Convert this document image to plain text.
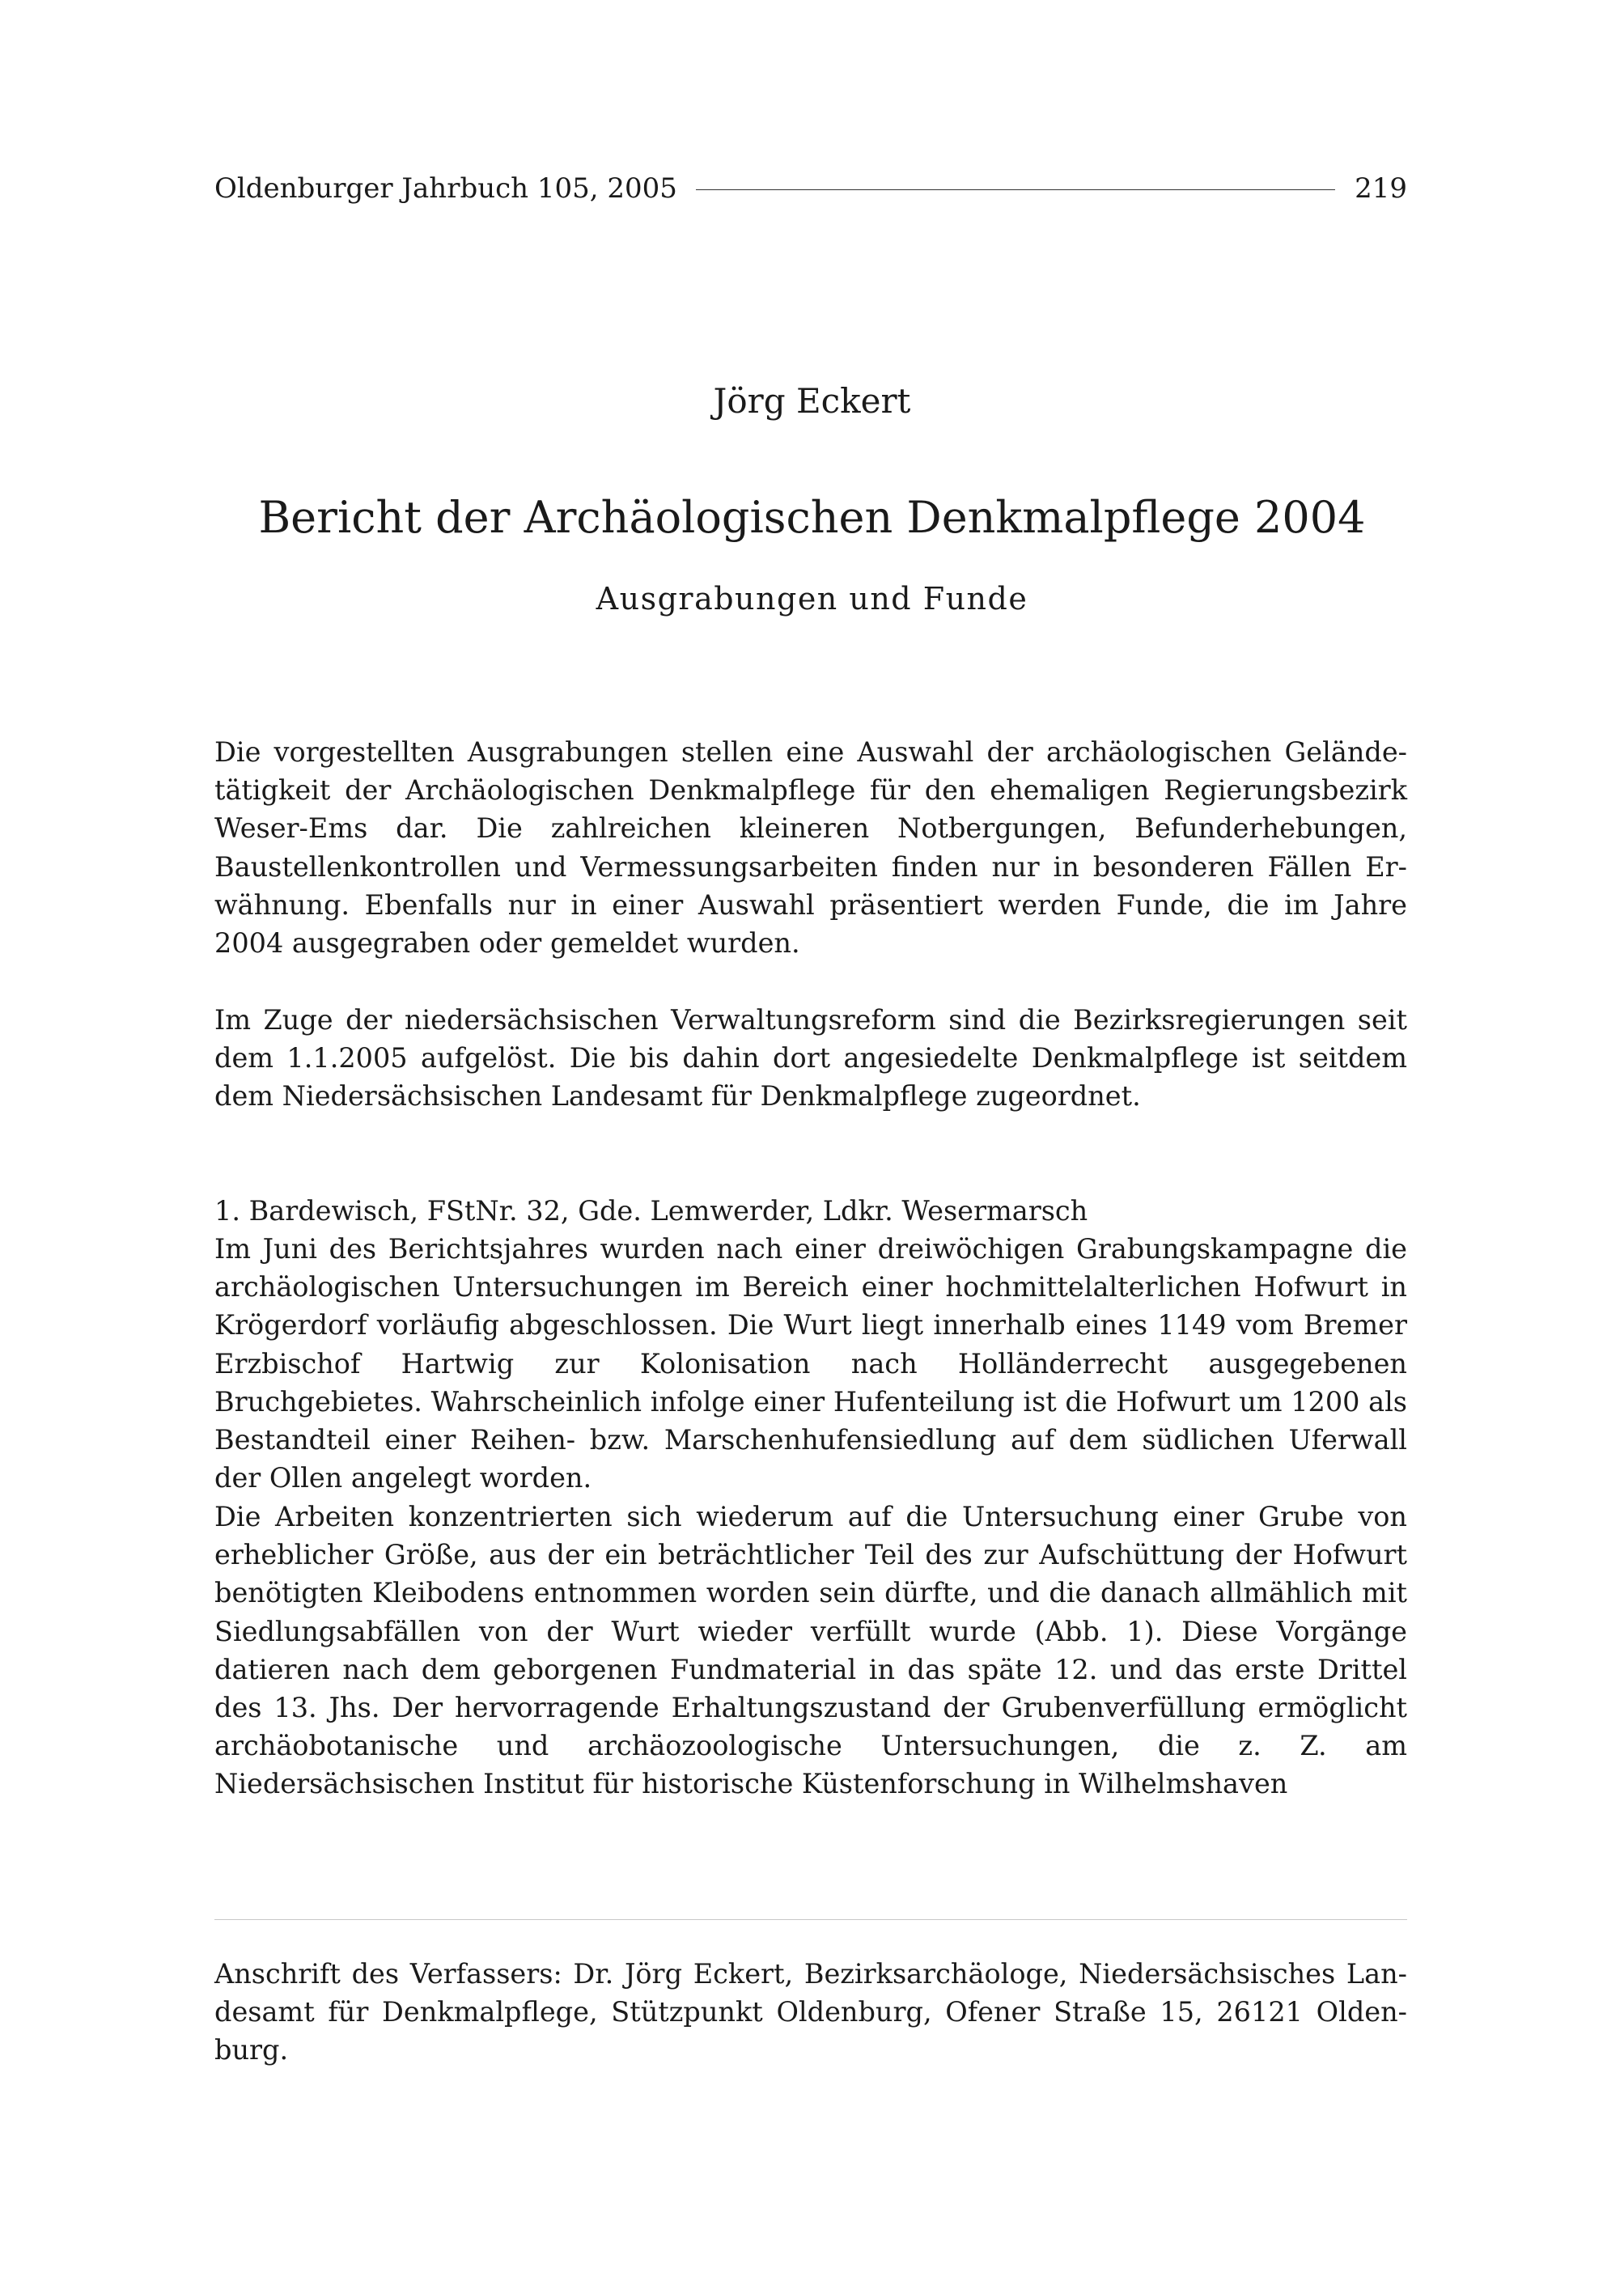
Oldenburger Jahrbuch 105, 2005	219
Jörg Eckert
Bericht der Archäologischen Denkmalpflege 2004
Ausgrabungen und Funde

Die vorgestellten Ausgrabungen stellen eine Auswahl der archäologischen Geländetätigkeit der Archäologischen Denkmalpflege für den ehemaligen Regierungsbezirk Weser-Ems dar. Die zahlreichen kleineren Notbergungen, Befunderhebungen, Baustellenkontrollen und Vermessungsarbeiten finden nur in besonderen Fällen Erwähnung. Ebenfalls nur in einer Auswahl präsentiert werden Funde, die im Jahre 2004 ausgegraben oder gemeldet wurden.

Im Zuge der niedersächsischen Verwaltungsreform sind die Bezirksregierungen seit dem 1.1.2005 aufgelöst. Die bis dahin dort angesiedelte Denkmalpflege ist seitdem dem Niedersächsischen Landesamt für Denkmalpflege zugeordnet.

1. Bardewisch, FStNr. 32, Gde. Lemwerder, Ldkr. Wesermarsch

Im Juni des Berichtsjahres wurden nach einer dreiwöchigen Grabungskampagne die archäologischen Untersuchungen im Bereich einer hochmittelalterlichen Hofwurt in Krögerdorf vorläufig abgeschlossen. Die Wurt liegt innerhalb eines 1149 vom Bremer Erzbischof Hartwig zur Kolonisation nach Holländerrecht ausgegebenen Bruchgebietes. Wahrscheinlich infolge einer Hufenteilung ist die Hofwurt um 1200 als Bestandteil einer Reihen- bzw. Marschenhufensiedlung auf dem südlichen Uferwall der Ollen angelegt worden.

Die Arbeiten konzentrierten sich wiederum auf die Untersuchung einer Grube von erheblicher Größe, aus der ein beträchtlicher Teil des zur Aufschüttung der Hofwurt benötigten Kleibodens entnommen worden sein dürfte, und die danach allmählich mit Siedlungsabfällen von der Wurt wieder verfüllt wurde (Abb. 1). Diese Vorgänge datieren nach dem geborgenen Fundmaterial in das späte 12. und das erste Drittel des 13. Jhs. Der hervorragende Erhaltungszustand der Grubenverfüllung ermöglicht archäobotanische und archäozoologische Untersuchungen, die z. Z. am Niedersächsischen Institut für historische Küstenforschung in Wilhelmshaven

Anschrift des Verfassers: Dr. Jörg Eckert, Bezirksarchäologe, Niedersächsisches Landesamt für Denkmalpflege, Stützpunkt Oldenburg, Ofener Straße 15, 26121 Oldenburg.
